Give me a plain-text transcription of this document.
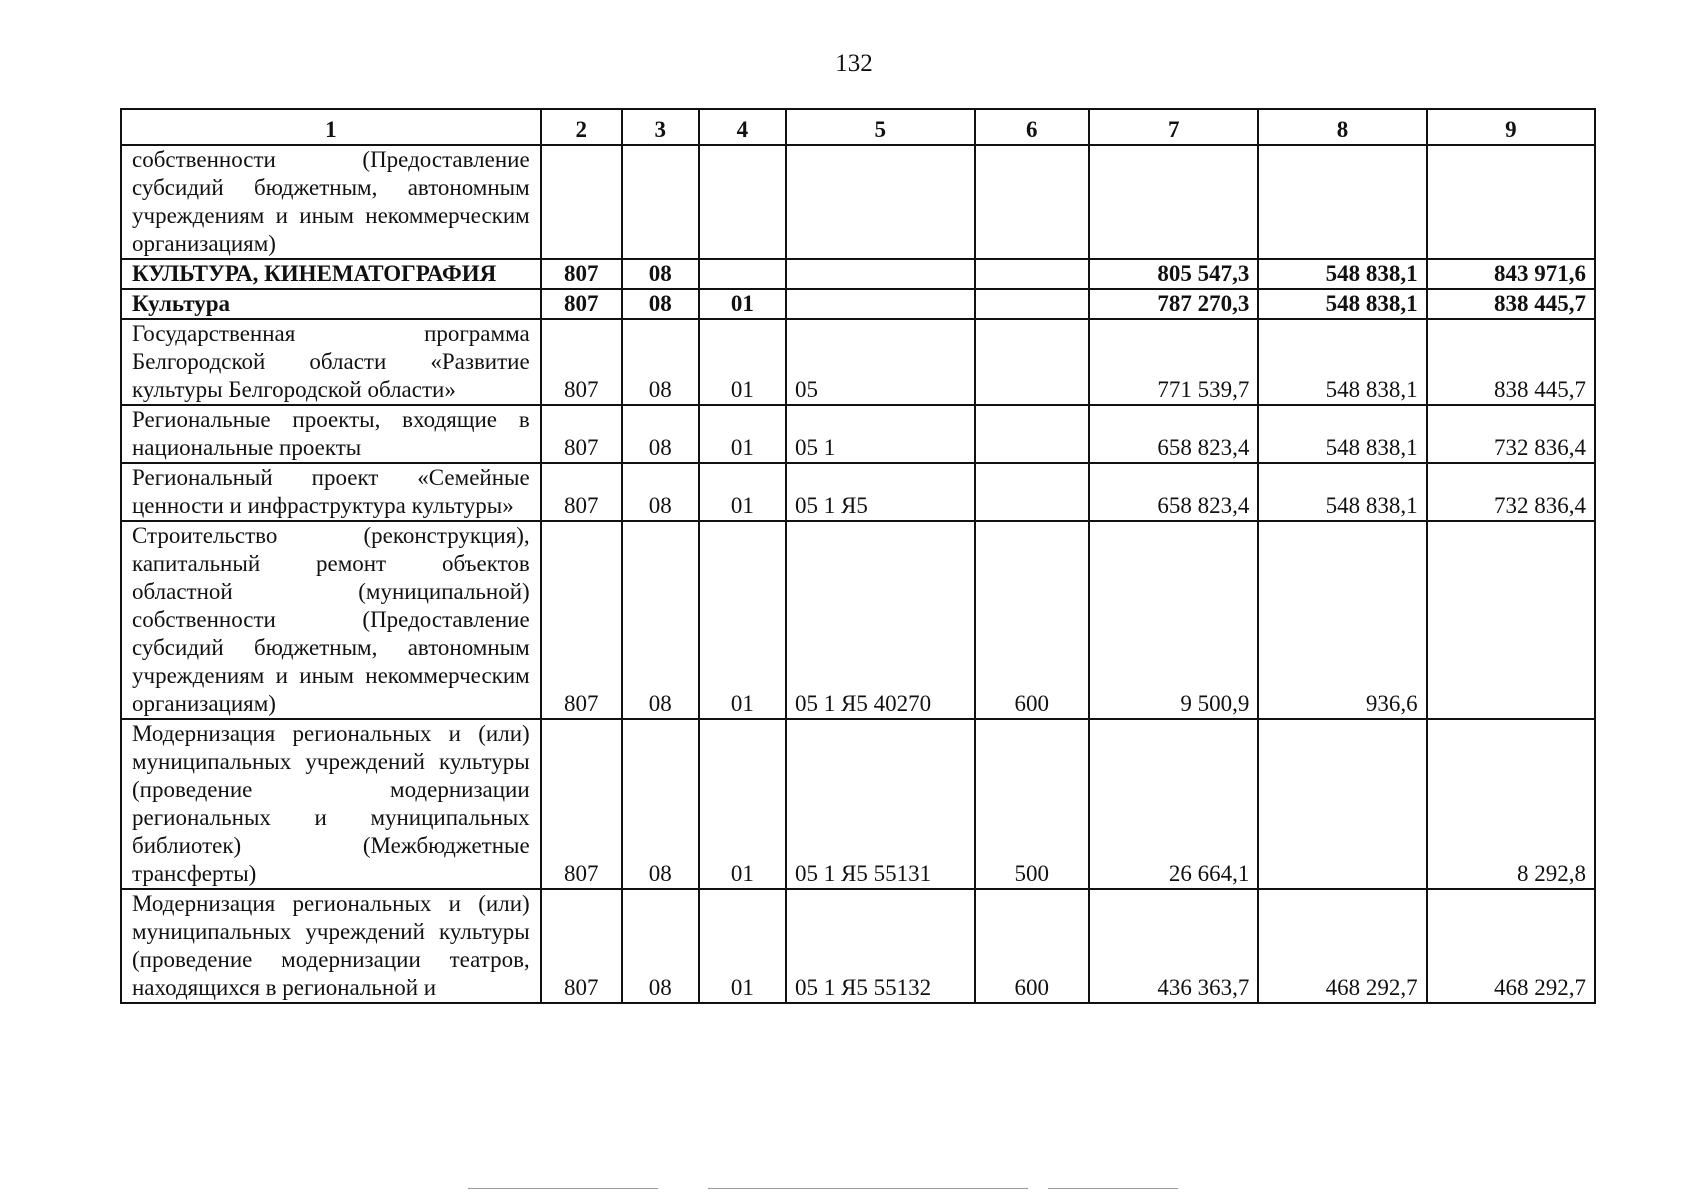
132
1	2	3	4	5	6	7	8	9
собственности (Предоставление субсидий бюджетным, автономным учреждениям и иным некоммерческим организациям)								
КУЛЬТУРА, КИНЕМАТОГРАФИЯ	807	08				805 547,3	548 838,1	843 971,6
Культура	807	08	01			787 270,3	548 838,1	838 445,7
Государственная программа Белгородской области «Развитие культуры Белгородской области»	807	08	01	05		771 539,7	548 838,1	838 445,7
Региональные проекты, входящие в национальные проекты	807	08	01	05 1		658 823,4	548 838,1	732 836,4
Региональный проект «Семейные ценности и инфраструктура культуры»	807	08	01	05 1 Я5		658 823,4	548 838,1	732 836,4
Строительство (реконструкция), капитальный ремонт объектов областной (муниципальной) собственности (Предоставление субсидий бюджетным, автономным учреждениям и иным некоммерческим организациям)	807	08	01	05 1 Я5 40270	600	9 500,9	936,6	
Модернизация региональных и (или) муниципальных учреждений культуры (проведение модернизации региональных и муниципальных библиотек) (Межбюджетные трансферты)	807	08	01	05 1 Я5 55131	500	26 664,1		8 292,8
Модернизация региональных и (или) муниципальных учреждений культуры (проведение модернизации театров, находящихся в региональной и	807	08	01	05 1 Я5 55132	600	436 363,7	468 292,7	468 292,7
